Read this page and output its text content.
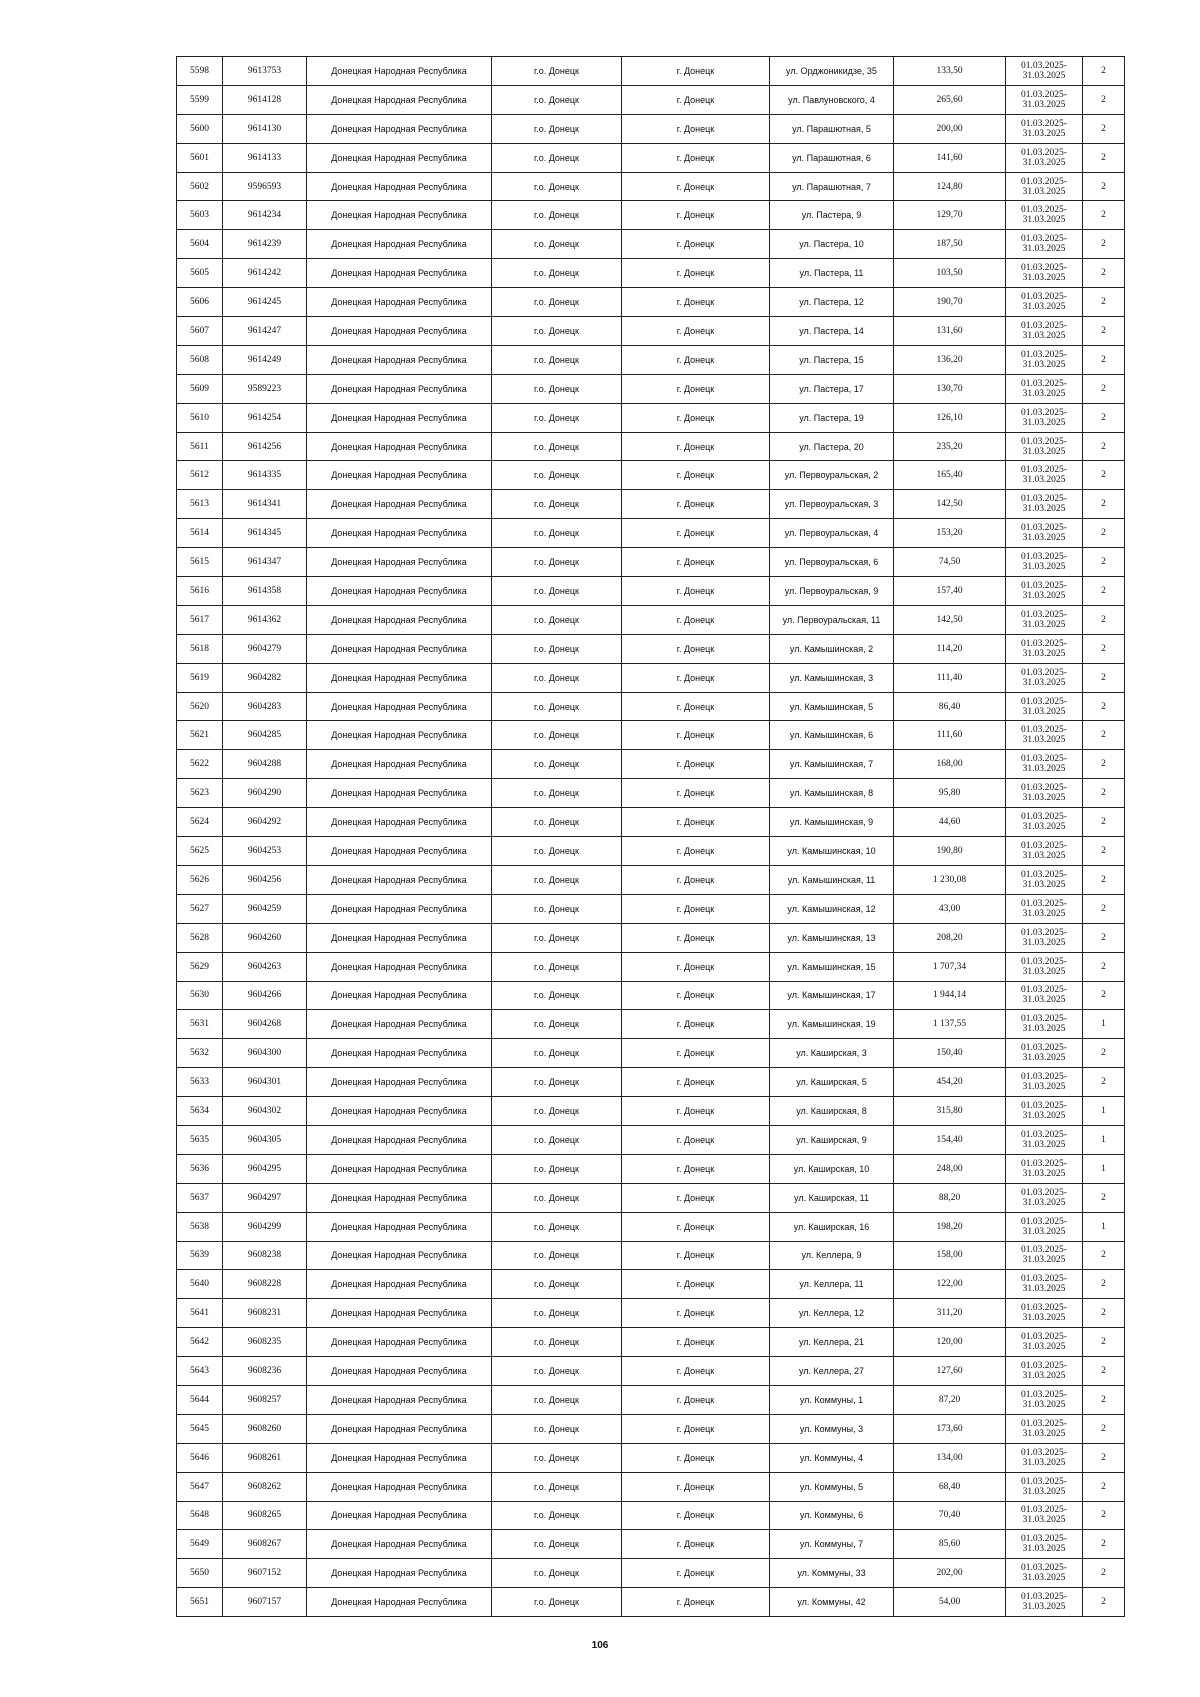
5598	9613753	Донецкая Народная Республика	г.о. Донецк	г. Донецк	ул. Орджоникидзе, 35	133,50	01.03.2025-
31.03.2025	2
5599	9614128	Донецкая Народная Республика	г.о. Донецк	г. Донецк	ул. Павлуновского, 4	265,60	01.03.2025-
31.03.2025	2
5600	9614130	Донецкая Народная Республика	г.о. Донецк	г. Донецк	ул. Парашютная, 5	200,00	01.03.2025-
31.03.2025	2
5601	9614133	Донецкая Народная Республика	г.о. Донецк	г. Донецк	ул. Парашютная, 6	141,60	01.03.2025-
31.03.2025	2
5602	9596593	Донецкая Народная Республика	г.о. Донецк	г. Донецк	ул. Парашютная, 7	124,80	01.03.2025-
31.03.2025	2
5603	9614234	Донецкая Народная Республика	г.о. Донецк	г. Донецк	ул. Пастера, 9	129,70	01.03.2025-
31.03.2025	2
5604	9614239	Донецкая Народная Республика	г.о. Донецк	г. Донецк	ул. Пастера, 10	187,50	01.03.2025-
31.03.2025	2
5605	9614242	Донецкая Народная Республика	г.о. Донецк	г. Донецк	ул. Пастера, 11	103,50	01.03.2025-
31.03.2025	2
5606	9614245	Донецкая Народная Республика	г.о. Донецк	г. Донецк	ул. Пастера, 12	190,70	01.03.2025-
31.03.2025	2
5607	9614247	Донецкая Народная Республика	г.о. Донецк	г. Донецк	ул. Пастера, 14	131,60	01.03.2025-
31.03.2025	2
5608	9614249	Донецкая Народная Республика	г.о. Донецк	г. Донецк	ул. Пастера, 15	136,20	01.03.2025-
31.03.2025	2
5609	9589223	Донецкая Народная Республика	г.о. Донецк	г. Донецк	ул. Пастера, 17	130,70	01.03.2025-
31.03.2025	2
5610	9614254	Донецкая Народная Республика	г.о. Донецк	г. Донецк	ул. Пастера, 19	126,10	01.03.2025-
31.03.2025	2
5611	9614256	Донецкая Народная Республика	г.о. Донецк	г. Донецк	ул. Пастера, 20	235,20	01.03.2025-
31.03.2025	2
5612	9614335	Донецкая Народная Республика	г.о. Донецк	г. Донецк	ул. Первоуральская, 2	165,40	01.03.2025-
31.03.2025	2
5613	9614341	Донецкая Народная Республика	г.о. Донецк	г. Донецк	ул. Первоуральская, 3	142,50	01.03.2025-
31.03.2025	2
5614	9614345	Донецкая Народная Республика	г.о. Донецк	г. Донецк	ул. Первоуральская, 4	153,20	01.03.2025-
31.03.2025	2
5615	9614347	Донецкая Народная Республика	г.о. Донецк	г. Донецк	ул. Первоуральская, 6	74,50	01.03.2025-
31.03.2025	2
5616	9614358	Донецкая Народная Республика	г.о. Донецк	г. Донецк	ул. Первоуральская, 9	157,40	01.03.2025-
31.03.2025	2
5617	9614362	Донецкая Народная Республика	г.о. Донецк	г. Донецк	ул. Первоуральская, 11	142,50	01.03.2025-
31.03.2025	2
5618	9604279	Донецкая Народная Республика	г.о. Донецк	г. Донецк	ул. Камышинская, 2	114,20	01.03.2025-
31.03.2025	2
5619	9604282	Донецкая Народная Республика	г.о. Донецк	г. Донецк	ул. Камышинская, 3	111,40	01.03.2025-
31.03.2025	2
5620	9604283	Донецкая Народная Республика	г.о. Донецк	г. Донецк	ул. Камышинская, 5	86,40	01.03.2025-
31.03.2025	2
5621	9604285	Донецкая Народная Республика	г.о. Донецк	г. Донецк	ул. Камышинская, 6	111,60	01.03.2025-
31.03.2025	2
5622	9604288	Донецкая Народная Республика	г.о. Донецк	г. Донецк	ул. Камышинская, 7	168,00	01.03.2025-
31.03.2025	2
5623	9604290	Донецкая Народная Республика	г.о. Донецк	г. Донецк	ул. Камышинская, 8	95,80	01.03.2025-
31.03.2025	2
5624	9604292	Донецкая Народная Республика	г.о. Донецк	г. Донецк	ул. Камышинская, 9	44,60	01.03.2025-
31.03.2025	2
5625	9604253	Донецкая Народная Республика	г.о. Донецк	г. Донецк	ул. Камышинская, 10	190,80	01.03.2025-
31.03.2025	2
5626	9604256	Донецкая Народная Республика	г.о. Донецк	г. Донецк	ул. Камышинская, 11	1 230,08	01.03.2025-
31.03.2025	2
5627	9604259	Донецкая Народная Республика	г.о. Донецк	г. Донецк	ул. Камышинская, 12	43,00	01.03.2025-
31.03.2025	2
5628	9604260	Донецкая Народная Республика	г.о. Донецк	г. Донецк	ул. Камышинская, 13	208,20	01.03.2025-
31.03.2025	2
5629	9604263	Донецкая Народная Республика	г.о. Донецк	г. Донецк	ул. Камышинская, 15	1 707,34	01.03.2025-
31.03.2025	2
5630	9604266	Донецкая Народная Республика	г.о. Донецк	г. Донецк	ул. Камышинская, 17	1 944,14	01.03.2025-
31.03.2025	2
5631	9604268	Донецкая Народная Республика	г.о. Донецк	г. Донецк	ул. Камышинская, 19	1 137,55	01.03.2025-
31.03.2025	1
5632	9604300	Донецкая Народная Республика	г.о. Донецк	г. Донецк	ул. Каширская, 3	150,40	01.03.2025-
31.03.2025	2
5633	9604301	Донецкая Народная Республика	г.о. Донецк	г. Донецк	ул. Каширская, 5	454,20	01.03.2025-
31.03.2025	2
5634	9604302	Донецкая Народная Республика	г.о. Донецк	г. Донецк	ул. Каширская, 8	315,80	01.03.2025-
31.03.2025	1
5635	9604305	Донецкая Народная Республика	г.о. Донецк	г. Донецк	ул. Каширская, 9	154,40	01.03.2025-
31.03.2025	1
5636	9604295	Донецкая Народная Республика	г.о. Донецк	г. Донецк	ул. Каширская, 10	248,00	01.03.2025-
31.03.2025	1
5637	9604297	Донецкая Народная Республика	г.о. Донецк	г. Донецк	ул. Каширская, 11	88,20	01.03.2025-
31.03.2025	2
5638	9604299	Донецкая Народная Республика	г.о. Донецк	г. Донецк	ул. Каширская, 16	198,20	01.03.2025-
31.03.2025	1
5639	9608238	Донецкая Народная Республика	г.о. Донецк	г. Донецк	ул. Келлера, 9	158,00	01.03.2025-
31.03.2025	2
5640	9608228	Донецкая Народная Республика	г.о. Донецк	г. Донецк	ул. Келлера, 11	122,00	01.03.2025-
31.03.2025	2
5641	9608231	Донецкая Народная Республика	г.о. Донецк	г. Донецк	ул. Келлера, 12	311,20	01.03.2025-
31.03.2025	2
5642	9608235	Донецкая Народная Республика	г.о. Донецк	г. Донецк	ул. Келлера, 21	120,00	01.03.2025-
31.03.2025	2
5643	9608236	Донецкая Народная Республика	г.о. Донецк	г. Донецк	ул. Келлера, 27	127,60	01.03.2025-
31.03.2025	2
5644	9608257	Донецкая Народная Республика	г.о. Донецк	г. Донецк	ул. Коммуны, 1	87,20	01.03.2025-
31.03.2025	2
5645	9608260	Донецкая Народная Республика	г.о. Донецк	г. Донецк	ул. Коммуны, 3	173,60	01.03.2025-
31.03.2025	2
5646	9608261	Донецкая Народная Республика	г.о. Донецк	г. Донецк	ул. Коммуны, 4	134,00	01.03.2025-
31.03.2025	2
5647	9608262	Донецкая Народная Республика	г.о. Донецк	г. Донецк	ул. Коммуны, 5	68,40	01.03.2025-
31.03.2025	2
5648	9608265	Донецкая Народная Республика	г.о. Донецк	г. Донецк	ул. Коммуны, 6	70,40	01.03.2025-
31.03.2025	2
5649	9608267	Донецкая Народная Республика	г.о. Донецк	г. Донецк	ул. Коммуны, 7	85,60	01.03.2025-
31.03.2025	2
5650	9607152	Донецкая Народная Республика	г.о. Донецк	г. Донецк	ул. Коммуны, 33	202,00	01.03.2025-
31.03.2025	2
5651	9607157	Донецкая Народная Республика	г.о. Донецк	г. Донецк	ул. Коммуны, 42	54,00	01.03.2025-
31.03.2025	2
106
